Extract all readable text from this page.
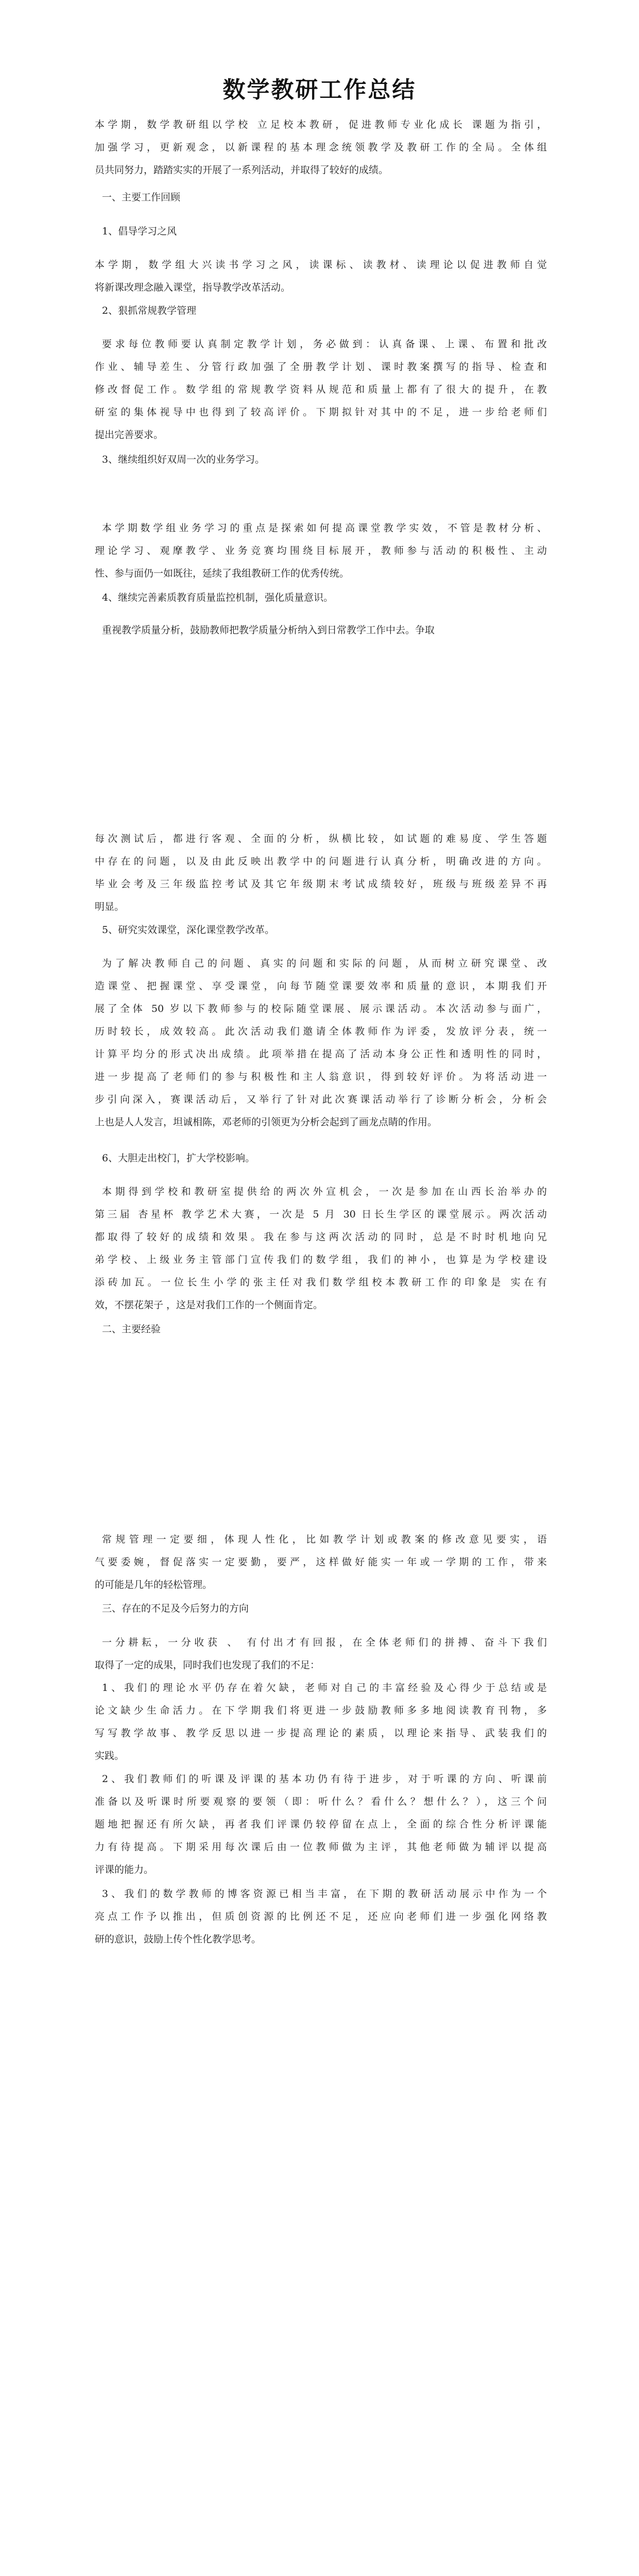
数学教研工作总结
本学期，数学教研组以学校 立足校本教研，促进教师专业化成长 课题为指引，
加强学习，更新观念，以新课程的基本理念统领教学及教研工作的全局。全体组
员共同努力，踏踏实实的开展了一系列活动，并取得了较好的成绩。
一、主要工作回顾
1、倡导学习之风
本学期，数学组大兴读书学习之风，读课标、读教材、读理论以促进教师自觉
将新课改理念融入课堂，指导教学改革活动。
2、狠抓常规教学管理
要求每位教师要认真制定教学计划，务必做到：认真备课、上课、布置和批改
作业、辅导差生、分管行政加强了全册教学计划、课时教案撰写的指导、检查和
修改督促工作。数学组的常规教学资料从规范和质量上都有了很大的提升，在教
研室的集体视导中也得到了较高评价。下期拟针对其中的不足，进一步给老师们
提出完善要求。
3、继续组织好双周一次的业务学习。
本学期数学组业务学习的重点是探索如何提高课堂教学实效，不管是教材分析、
理论学习、观摩教学、业务竞赛均围绕目标展开，教师参与活动的积极性、主动
性、参与面仍一如既往，延续了我组教研工作的优秀传统。
4、继续完善素质教育质量监控机制，强化质量意识。
重视教学质量分析，鼓励教师把教学质量分析纳入到日常教学工作中去。争取
每次测试后，都进行客观、全面的分析，纵横比较，如试题的难易度、学生答题
中存在的问题，以及由此反映出教学中的问题进行认真分析，明确改进的方向。
毕业会考及三年级监控考试及其它年级期末考试成绩较好，班级与班级差异不再
明显。
5、研究实效课堂，深化课堂教学改革。
为了解决教师自己的问题、真实的问题和实际的问题，从而树立研究课堂、改
造课堂、把握课堂、享受课堂，向每节随堂课要效率和质量的意识，本期我们开
展了全体 50 岁以下教师参与的校际随堂课展、展示课活动。本次活动参与面广，
历时较长，成效较高。此次活动我们邀请全体教师作为评委，发放评分表，统一
计算平均分的形式决出成绩。此项举措在提高了活动本身公正性和透明性的同时，
进一步提高了老师们的参与积极性和主人翁意识，得到较好评价。为将活动进一
步引向深入，赛课活动后，又举行了针对此次赛课活动举行了诊断分析会，分析会
上也是人人发言，坦诚相陈，邓老师的引领更为分析会起到了画龙点睛的作用。
6、大胆走出校门，扩大学校影响。
本期得到学校和教研室提供给的两次外宣机会，一次是参加在山西长治举办的
第三届 杏星杯 教学艺术大赛，一次是 5 月 30 日长生学区的课堂展示。两次活动
都取得了较好的成绩和效果。我在参与这两次活动的同时，总是不时时机地向兄
弟学校、上级业务主管部门宣传我们的数学组，我们的神小，也算是为学校建设
添砖加瓦。一位长生小学的张主任对我们数学组校本教研工作的印象是 实在有
效，不摆花架子 ，这是对我们工作的一个侧面肯定。
二、主要经验
常规管理一定要细，体现人性化，比如教学计划或教案的修改意见要实，语
气要委婉，督促落实一定要勤，要严，这样做好能实一年或一学期的工作，带来
的可能是几年的轻松管理。
三、存在的不足及今后努力的方向
一分耕耘，一分收获 、 有付出才有回报，在全体老师们的拼搏、奋斗下我们
取得了一定的成果，同时我们也发现了我们的不足：
1、我们的理论水平仍存在着欠缺，老师对自己的丰富经验及心得少于总结或是
论文缺少生命活力。在下学期我们将更进一步鼓励教师多多地阅读教育刊物，多
写写教学故事、教学反思以进一步提高理论的素质，以理论来指导、武装我们的
实践。
2、我们教师们的听课及评课的基本功仍有待于进步，对于听课的方向、听课前
准备以及听课时所要观察的要领（即：听什么？看什么？想什么？），这三个问
题地把握还有所欠缺，再者我们评课仍较停留在点上，全面的综合性分析评课能
力有待提高。下期采用每次课后由一位教师做为主评，其他老师做为辅评以提高
评课的能力。
3、我们的数学教师的博客资源已相当丰富，在下期的教研活动展示中作为一个
亮点工作予以推出，但质创资源的比例还不足，还应向老师们进一步强化网络教
研的意识，鼓励上传个性化教学思考。
